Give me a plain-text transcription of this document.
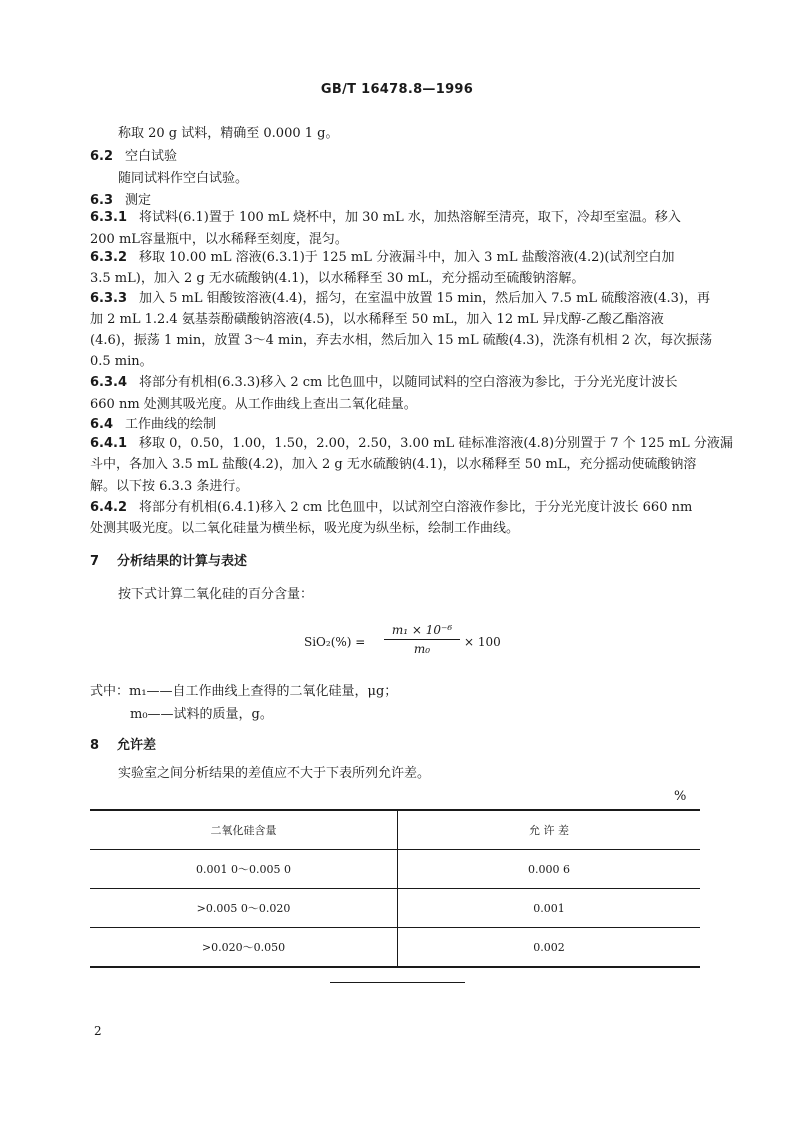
GB/T 16478.8—1996
称取 20 g 试料，精确至 0.000 1 g。
6.2 空白试验
随同试料作空白试验。
6.3 测定
6.3.1 将试料(6.1)置于 100 mL 烧杯中，加 30 mL 水，加热溶解至清亮，取下，冷却至室温。移入
200 mL容量瓶中，以水稀释至刻度，混匀。
6.3.2 移取 10.00 mL 溶液(6.3.1)于 125 mL 分液漏斗中，加入 3 mL 盐酸溶液(4.2)(试剂空白加
3.5 mL)，加入 2 g 无水硫酸钠(4.1)，以水稀释至 30 mL，充分摇动至硫酸钠溶解。
6.3.3 加入 5 mL 钼酸铵溶液(4.4)，摇匀，在室温中放置 15 min，然后加入 7.5 mL 硫酸溶液(4.3)，再
加 2 mL 1.2.4 氨基萘酚磺酸钠溶液(4.5)，以水稀释至 50 mL，加入 12 mL 异戊醇-乙酸乙酯溶液
(4.6)，振荡 1 min，放置 3～4 min，弃去水相，然后加入 15 mL 硫酸(4.3)，洗涤有机相 2 次，每次振荡
0.5 min。
6.3.4 将部分有机相(6.3.3)移入 2 cm 比色皿中，以随同试料的空白溶液为参比，于分光光度计波长
660 nm 处测其吸光度。从工作曲线上查出二氧化硅量。
6.4 工作曲线的绘制
6.4.1 移取 0，0.50，1.00，1.50，2.00，2.50，3.00 mL 硅标准溶液(4.8)分别置于 7 个 125 mL 分液漏
斗中，各加入 3.5 mL 盐酸(4.2)，加入 2 g 无水硫酸钠(4.1)，以水稀释至 50 mL，充分摇动使硫酸钠溶
解。以下按 6.3.3 条进行。
6.4.2 将部分有机相(6.4.1)移入 2 cm 比色皿中，以试剂空白溶液作参比，于分光光度计波长 660 nm
处测其吸光度。以二氧化硅量为横坐标，吸光度为纵坐标，绘制工作曲线。
7 分析结果的计算与表述
按下式计算二氧化硅的百分含量：
SiO₂(%) =
m₁ × 10⁻⁶
m₀	× 100
式中：m₁——自工作曲线上查得的二氧化硅量，μg；
m₀——试料的质量，g。
8 允许差
实验室之间分析结果的差值应不大于下表所列允许差。
%
二氧化硅含量	允 许 差
0.001 0～0.005 0	0.000 6
>0.005 0～0.020	0.001
>0.020～0.050	0.002
2
